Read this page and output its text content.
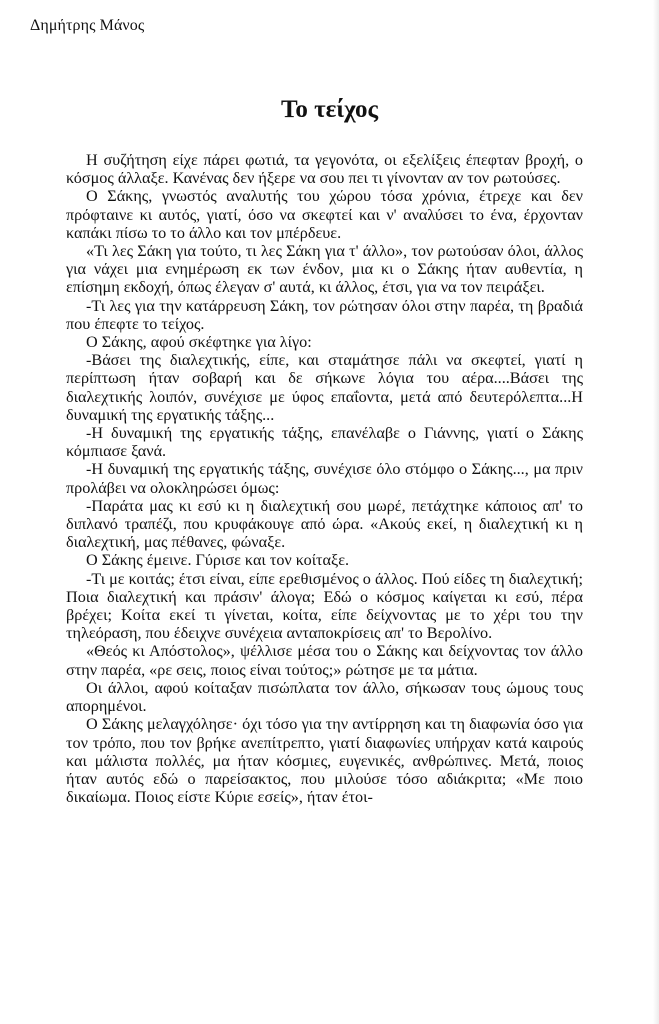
Δημήτρης Μάνος
Το τείχος

Η συζήτηση είχε πάρει φωτιά, τα γεγονότα, οι εξελίξεις έπεφταν βροχή, ο κόσμος άλλαξε. Κανένας δεν ήξερε να σου πει τι γίνονταν αν τον ρωτούσες.

Ο Σάκης, γνωστός αναλυτής του χώρου τόσα χρόνια, έτρεχε και δεν πρόφταινε κι αυτός, γιατί, όσο να σκεφτεί και ν' αναλύσει το ένα, έρχονταν καπάκι πίσω το το άλλο και τον μπέρδευε.

«Τι λες Σάκη για τούτο, τι λες Σάκη για τ' άλλο», τον ρωτούσαν όλοι, άλλος για νάχει μια ενημέρωση εκ των ένδον, μια κι ο Σάκης ήταν αυθεντία, η επίσημη εκδοχή, όπως έλεγαν σ' αυτά, κι άλλος, έτσι, για να τον πειράξει.

-Τι λες για την κατάρρευση Σάκη, τον ρώτησαν όλοι στην παρέα, τη βραδιά που έπεφτε το τείχος.

Ο Σάκης, αφού σκέφτηκε για λίγο:

-Βάσει της διαλεχτικής, είπε, και σταμάτησε πάλι να σκεφτεί, γιατί η περίπτωση ήταν σοβαρή και δε σήκωνε λόγια του αέρα....Βάσει της διαλεχτικής λοιπόν, συνέχισε με ύφος επαΐοντα, μετά από δευτερόλεπτα...Η δυναμική της εργατικής τάξης...

-Η δυναμική της εργατικής τάξης, επανέλαβε ο Γιάννης, γιατί ο Σάκης κόμπιασε ξανά.

-Η δυναμική της εργατικής τάξης, συνέχισε όλο στόμφο ο Σάκης..., μα πριν προλάβει να ολοκληρώσει όμως:

-Παράτα μας κι εσύ κι η διαλεχτική σου μωρέ, πετάχτηκε κάποιος απ' το διπλανό τραπέζι, που κρυφάκουγε από ώρα. «Ακούς εκεί, η διαλεχτική κι η διαλεχτική, μας πέθανες, φώναξε.

Ο Σάκης έμεινε. Γύρισε και τον κοίταξε.

-Τι με κοιτάς; έτσι είναι, είπε ερεθισμένος ο άλλος. Πού είδες τη διαλεχτική; Ποια διαλεχτική και πράσιν' άλογα; Εδώ ο κόσμος καίγεται κι εσύ, πέρα βρέχει; Κοίτα εκεί τι γίνεται, κοίτα, είπε δείχνοντας με το χέρι του την τηλεόραση, που έδειχνε συνέχεια ανταποκρίσεις απ' το Βερολίνο.

«Θεός κι Απόστολος», ψέλλισε μέσα του ο Σάκης και δείχνοντας τον άλλο στην παρέα, «ρε σεις, ποιος είναι τούτος;» ρώτησε με τα μάτια.

Οι άλλοι, αφού κοίταξαν πισώπλατα τον άλλο, σήκωσαν τους ώμους τους απορημένοι.

Ο Σάκης μελαγχόλησε· όχι τόσο για την αντίρρηση και τη διαφωνία όσο για τον τρόπο, που τον βρήκε ανεπίτρεπτο, γιατί διαφωνίες υπήρχαν κατά καιρούς και μάλιστα πολλές, μα ήταν κόσμιες, ευγενικές, ανθρώπινες. Μετά, ποιος ήταν αυτός εδώ ο παρείσακτος, που μιλούσε τόσο αδιάκριτα; «Με ποιο δικαίωμα. Ποιος είστε Κύριε εσείς», ήταν έτοι-
